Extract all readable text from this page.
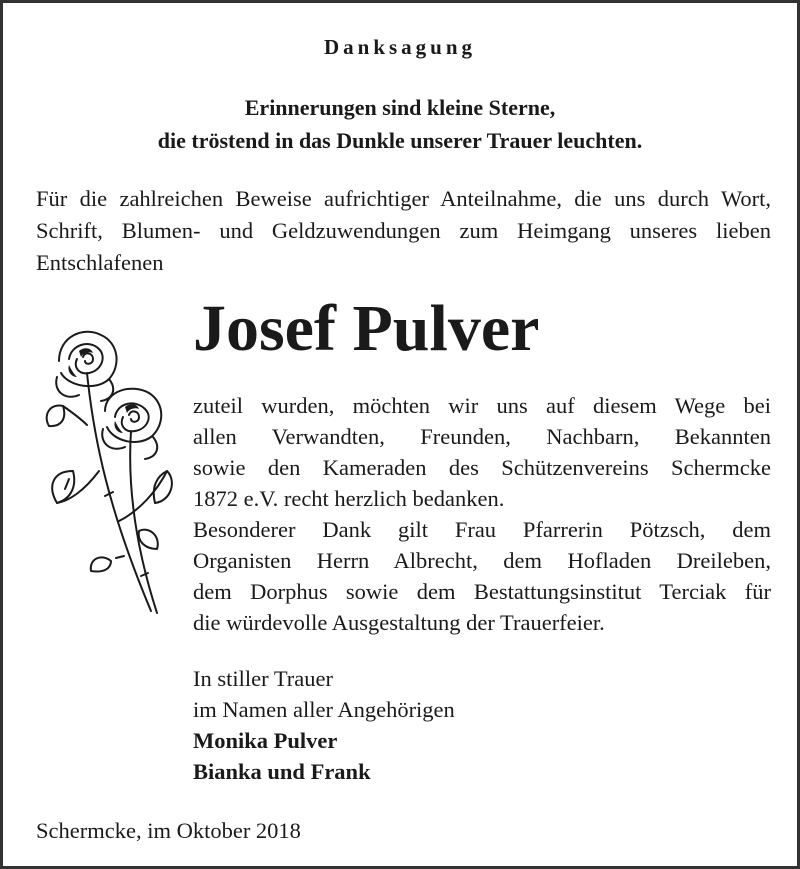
Danksagung
Erinnerungen sind kleine Sterne,
die tröstend in das Dunkle unserer Trauer leuchten.
Für die zahlreichen Beweise aufrichtiger Anteilnahme, die uns durch Wort, Schrift, Blumen- und Geldzuwendungen zum Heimgang unseres lieben Entschlafenen
Josef Pulver
zuteil wurden, möchten wir uns auf diesem Wege bei
allen Verwandten, Freunden, Nachbarn, Bekannten
sowie den Kameraden des Schützenvereins Schermcke
1872 e.V. recht herzlich bedanken.
Besonderer Dank gilt Frau Pfarrerin Pötzsch, dem
Organisten Herrn Albrecht, dem Hofladen Dreileben,
dem Dorphus sowie dem Bestattungsinstitut Terciak für
die würdevolle Ausgestaltung der Trauerfeier.
In stiller Trauer
im Namen aller Angehörigen
Monika Pulver
Bianka und Frank
Schermcke, im Oktober 2018
